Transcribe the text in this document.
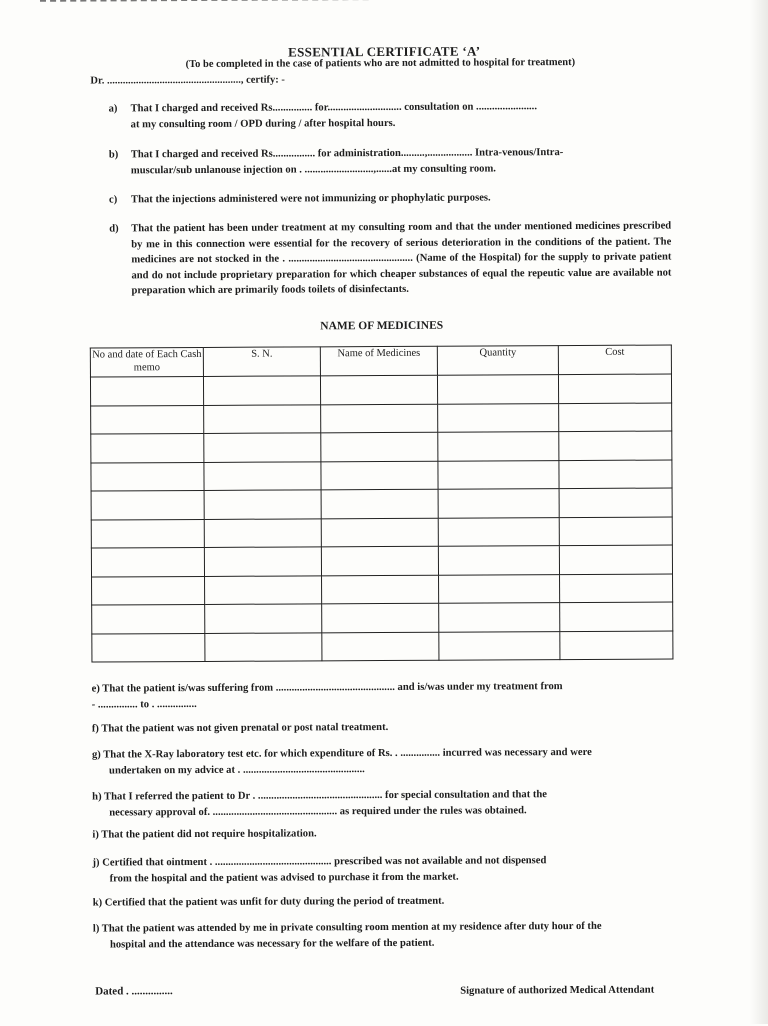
ESSENTIAL CERTIFICATE ‘A’
(To be completed in the case of patients who are not admitted to hospital for treatment)
Dr. ..................................................., certify: -
a) That I charged and received Rs............... for............................ consultation on .......................
at my consulting room / OPD during / after hospital hours.
b) That I charged and received Rs................ for administration.........,................. Intra-venous/Intra-
muscular/sub unlanouse injection on . ..........................,......at my consulting room.
c) That the injections administered were not immunizing or phophylatic purposes.
d) That the patient has been under treatment at my consulting room and that the under mentioned medicines prescribed by me in this connection were essential for the recovery of serious deterioration in the conditions of the patient. The medicines are not stocked in the . ............................................... (Name of the Hospital) for the supply to private patient and do not include proprietary preparation for which cheaper substances of equal the repeutic value are available not preparation which are primarily foods toilets of disinfectants.
NAME OF MEDICINES
No and date of Each Cash memo	S. N.	Name of Medicines	Quantity	Cost

e) That the patient is/was suffering from ............................................. and is/was under my treatment from
- ............... to . ...............
f) That the patient was not given prenatal or post natal treatment.
g) That the X-Ray laboratory test etc. for which expenditure of Rs. . ............... incurred was necessary and were
undertaken on my advice at . ..............................................
h) That I referred the patient to Dr . ............................................... for special consultation and that the
necessary approval of. ............................................... as required under the rules was obtained.
i) That the patient did not require hospitalization.
j) Certified that ointment . ............................................ prescribed was not available and not dispensed
from the hospital and the patient was advised to purchase it from the market.
k) Certified that the patient was unfit for duty during the period of treatment.
l) That the patient was attended by me in private consulting room mention at my residence after duty hour of the
hospital and the attendance was necessary for the welfare of the patient.
Dated . ...............	Signature of authorized Medical Attendant
